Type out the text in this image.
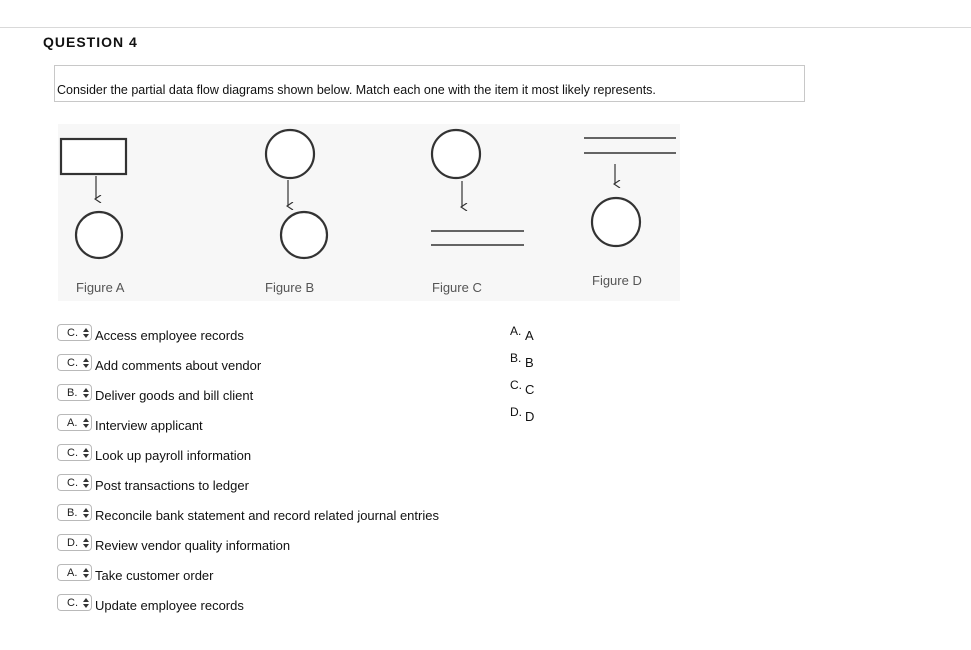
QUESTION 4
Consider the partial data flow diagrams shown below. Match each one with the item it most likely represents.
Figure A	Figure B	Figure C	Figure D
C. Access employee records
C. Add comments about vendor
B. Deliver goods and bill client
A. Interview applicant
C. Look up payroll information
C. Post transactions to ledger
B. Reconcile bank statement and record related journal entries
D. Review vendor quality information
A. Take customer order
C. Update employee records
A. A
B. B
C. C
D. D
